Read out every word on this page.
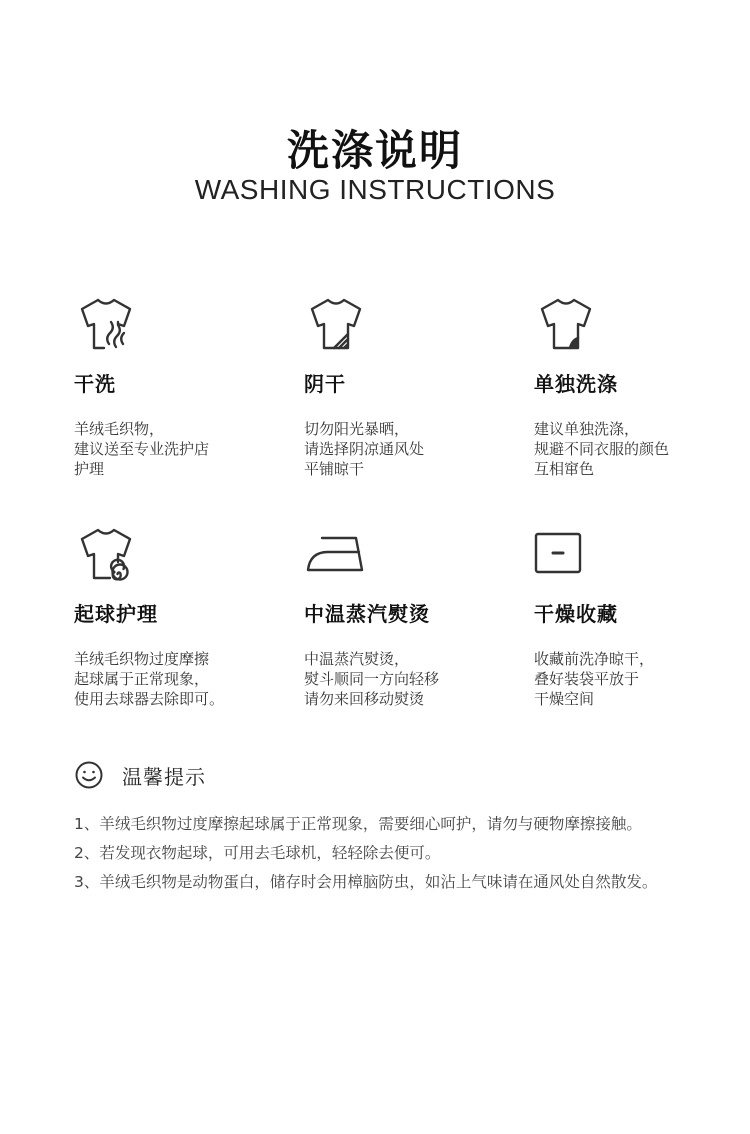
洗涤说明
WASHING INSTRUCTIONS
干洗
羊绒毛织物，
建议送至专业洗护店
护理
阴干
切勿阳光暴晒，
请选择阴凉通风处
平铺晾干
单独洗涤
建议单独洗涤，
规避不同衣服的颜色
互相窜色
起球护理
羊绒毛织物过度摩擦
起球属于正常现象，
使用去球器去除即可。
中温蒸汽熨烫
中温蒸汽熨烫，
熨斗顺同一方向轻移
请勿来回移动熨烫
干燥收藏
收藏前洗净晾干，
叠好装袋平放于
干燥空间
温馨提示
1、羊绒毛织物过度摩擦起球属于正常现象，需要细心呵护，请勿与硬物摩擦接触。
2、若发现衣物起球，可用去毛球机，轻轻除去便可。
3、羊绒毛织物是动物蛋白，储存时会用樟脑防虫，如沾上气味请在通风处自然散发。
